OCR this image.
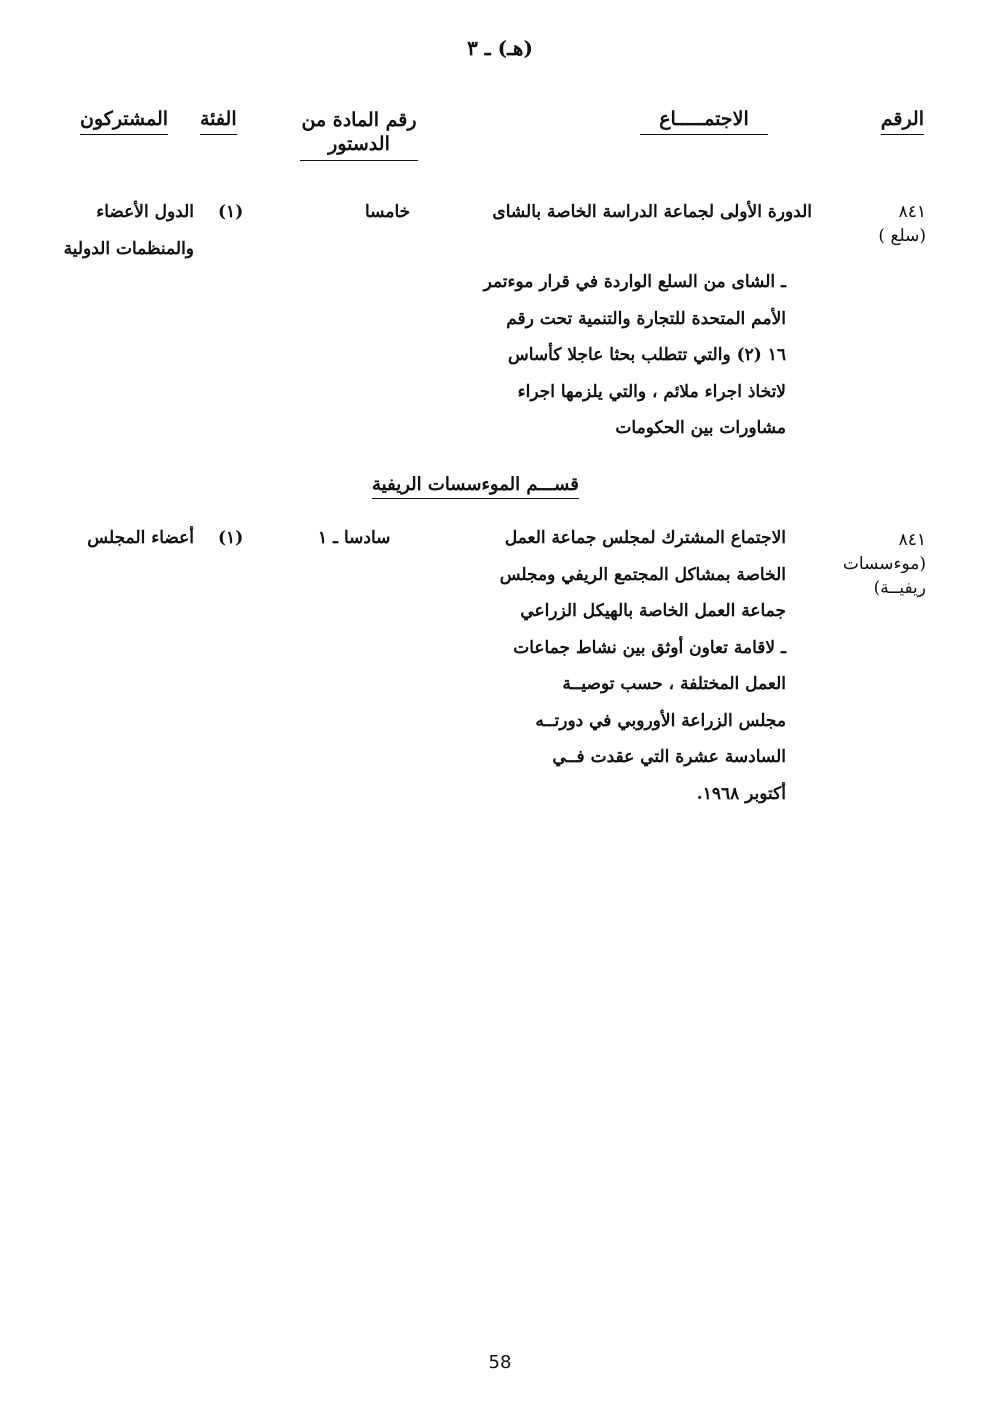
(هـ) ـ ٣
الرقم
الاجتمـــــاع
رقم المادة من
الدستور
الفئة
المشتركون
٨٤١
(سلع )
الدورة الأولى لجماعة الدراسة الخاصة بالشاى
ـ الشاى من السلع الواردة في قرار موءتمر
الأمم المتحدة للتجارة والتنمية تحت رقم
١٦ (٢) والتي تتطلب بحثا عاجلا كأساس
لاتخاذ اجراء ملائم ، والتي يلزمها اجراء
مشاورات بين الحكومات
خامسا
(١)
الدول الأعضاء
والمنظمات الدولية
قســـم الموءسسات الريفية
٨٤١
(موءسسات
ريفيــة)
الاجتماع المشترك لمجلس جماعة العمل
الخاصة بمشاكل المجتمع الريفي ومجلس
جماعة العمل الخاصة بالهيكل الزراعي
ـ لاقامة تعاون أوثق بين نشاط جماعات
العمل المختلفة ، حسب توصيــة
مجلس الزراعة الأوروبي في دورتــه
السادسة عشرة التي عقدت فــي
أكتوبر ١٩٦٨.
سادسا ـ ١
(١)
أعضاء المجلس
58
